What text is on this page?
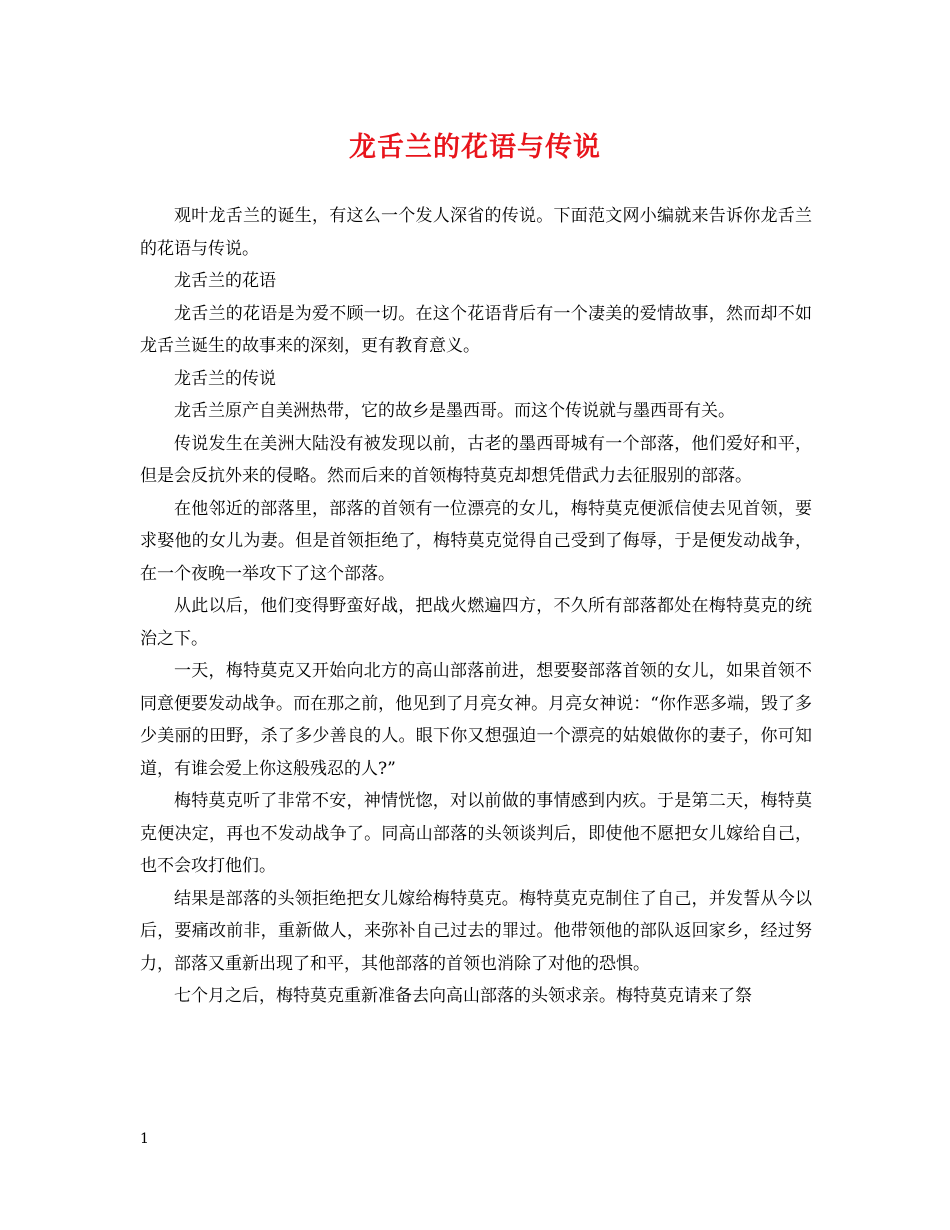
龙舌兰的花语与传说

观叶龙舌兰的诞生，有这么一个发人深省的传说。下面范文网小编就来告诉你龙舌兰的花语与传说。

龙舌兰的花语

龙舌兰的花语是为爱不顾一切。在这个花语背后有一个凄美的爱情故事，然而却不如龙舌兰诞生的故事来的深刻，更有教育意义。

龙舌兰的传说

龙舌兰原产自美洲热带，它的故乡是墨西哥。而这个传说就与墨西哥有关。

传说发生在美洲大陆没有被发现以前，古老的墨西哥城有一个部落，他们爱好和平，但是会反抗外来的侵略。然而后来的首领梅特莫克却想凭借武力去征服别的部落。

在他邻近的部落里，部落的首领有一位漂亮的女儿，梅特莫克便派信使去见首领，要求娶他的女儿为妻。但是首领拒绝了，梅特莫克觉得自己受到了侮辱，于是便发动战争，在一个夜晚一举攻下了这个部落。

从此以后，他们变得野蛮好战，把战火燃遍四方，不久所有部落都处在梅特莫克的统治之下。

一天，梅特莫克又开始向北方的高山部落前进，想要娶部落首领的女儿，如果首领不同意便要发动战争。而在那之前，他见到了月亮女神。月亮女神说：“你作恶多端，毁了多少美丽的田野，杀了多少善良的人。眼下你又想强迫一个漂亮的姑娘做你的妻子，你可知道，有谁会爱上你这般残忍的人?”

梅特莫克听了非常不安，神情恍惚，对以前做的事情感到内疚。于是第二天，梅特莫克便决定，再也不发动战争了。同高山部落的头领谈判后，即使他不愿把女儿嫁给自己，也不会攻打他们。

结果是部落的头领拒绝把女儿嫁给梅特莫克。梅特莫克克制住了自己，并发誓从今以后，要痛改前非，重新做人，来弥补自己过去的罪过。他带领他的部队返回家乡，经过努力，部落又重新出现了和平，其他部落的首领也消除了对他的恐惧。

七个月之后，梅特莫克重新准备去向高山部落的头领求亲。梅特莫克请来了祭

1
